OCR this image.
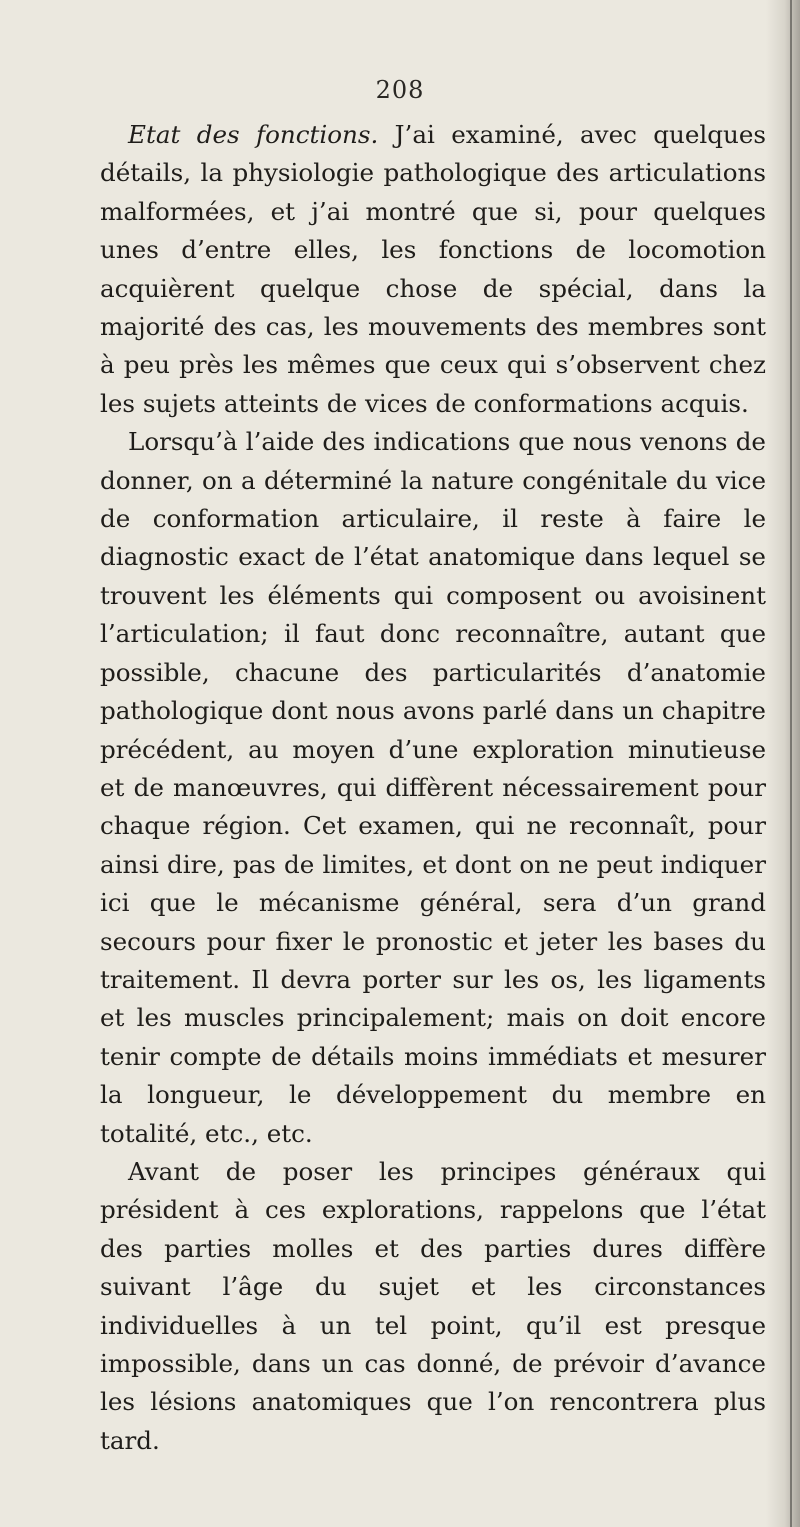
208

Etat des fonctions. J’ai examiné, avec quelques détails, la physiologie pathologique des articulations malformées, et j’ai montré que si, pour quelques unes d’entre elles, les fonctions de locomotion acquièrent quelque chose de spécial, dans la majorité des cas, les mouvements des membres sont à peu près les mêmes que ceux qui s’observent chez les sujets atteints de vices de conformations acquis.

Lorsqu’à l’aide des indications que nous venons de donner, on a déterminé la nature congénitale du vice de conformation articulaire, il reste à faire le diagnostic exact de l’état anatomique dans lequel se trouvent les éléments qui composent ou avoisinent l’articulation; il faut donc reconnaître, autant que possible, chacune des particularités d’anatomie pathologique dont nous avons parlé dans un chapitre précédent, au moyen d’une exploration minutieuse et de manœuvres, qui diffèrent nécessairement pour chaque région. Cet examen, qui ne reconnaît, pour ainsi dire, pas de limites, et dont on ne peut indiquer ici que le mécanisme général, sera d’un grand secours pour fixer le pronostic et jeter les bases du traitement. Il devra porter sur les os, les ligaments et les muscles principalement; mais on doit encore tenir compte de détails moins immédiats et mesurer la longueur, le développement du membre en totalité, etc., etc.

Avant de poser les principes généraux qui président à ces explorations, rappelons que l’état des parties molles et des parties dures diffère suivant l’âge du sujet et les circonstances individuelles à un tel point, qu’il est presque impossible, dans un cas donné, de prévoir d’avance les lésions anatomiques que l’on rencontrera plus tard.
